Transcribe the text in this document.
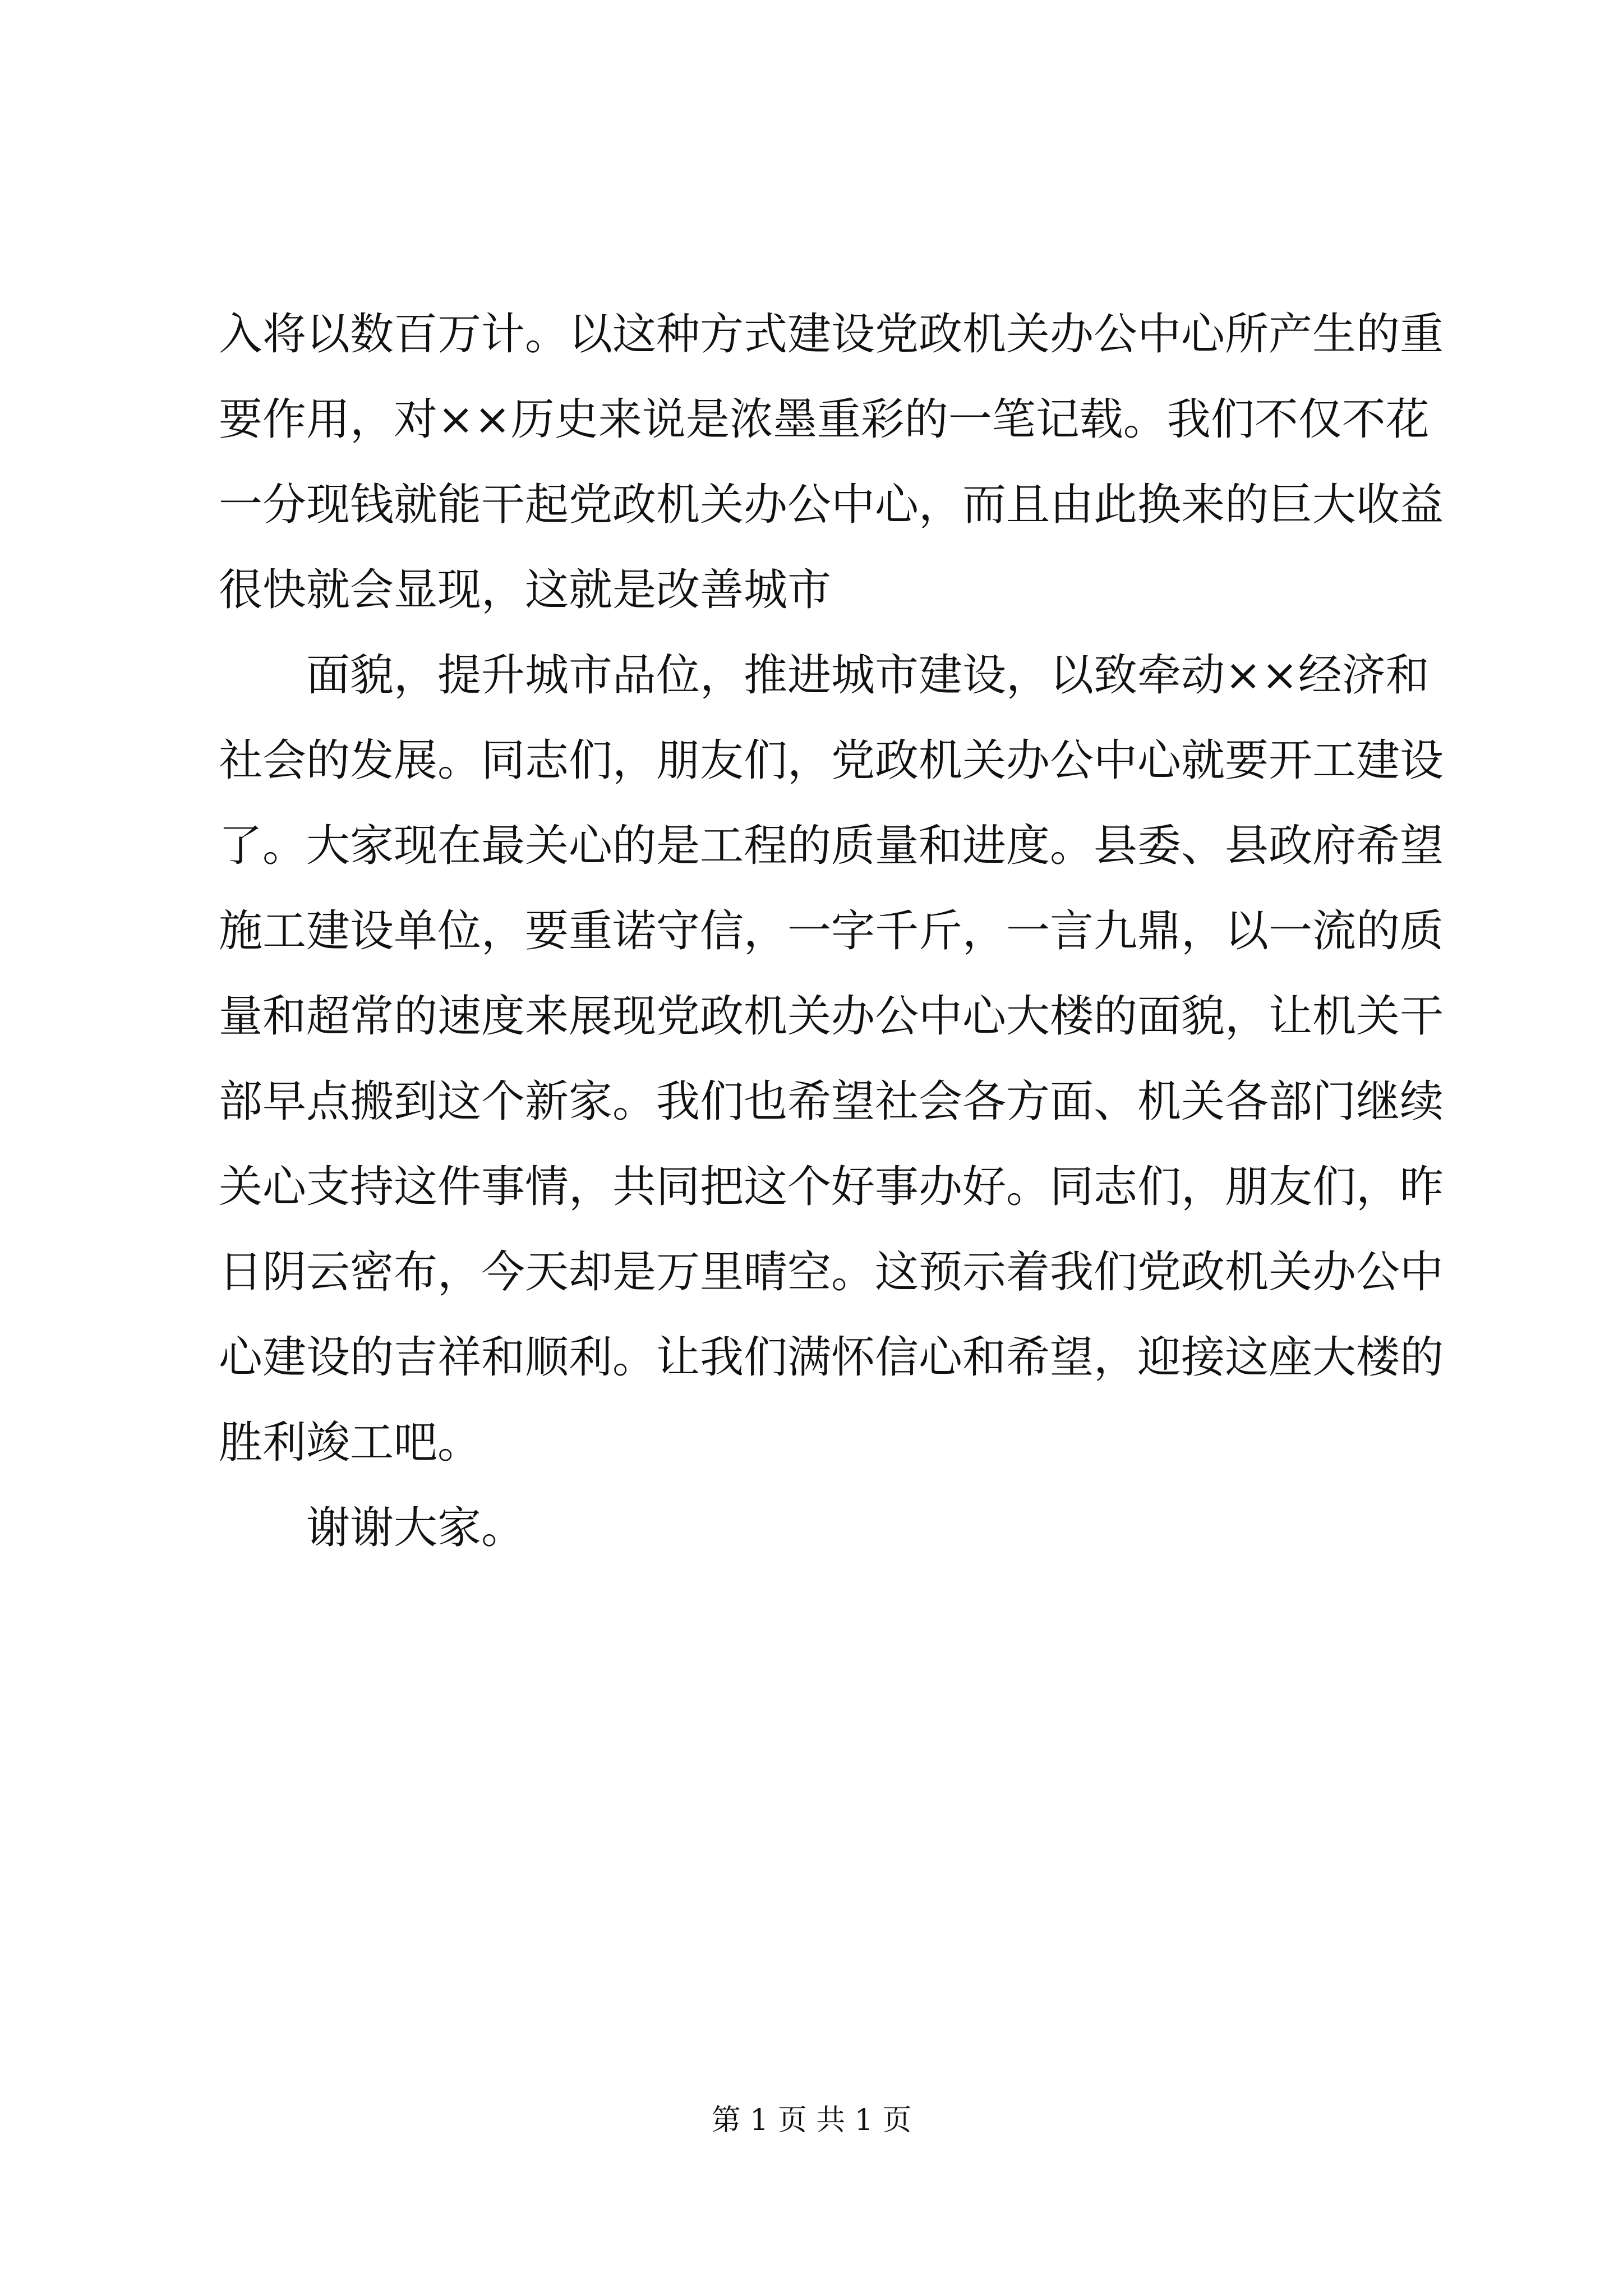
入将以数百万计。以这种方式建设党政机关办公中心所产生的重
要作用，对××历史来说是浓墨重彩的一笔记载。我们不仅不花
一分现钱就能干起党政机关办公中心，而且由此换来的巨大收益
很快就会显现，这就是改善城市
面貌，提升城市品位，推进城市建设，以致牵动××经济和
社会的发展。同志们，朋友们，党政机关办公中心就要开工建设
了。大家现在最关心的是工程的质量和进度。县委、县政府希望
施工建设单位，要重诺守信，一字千斤，一言九鼎，以一流的质
量和超常的速度来展现党政机关办公中心大楼的面貌，让机关干
部早点搬到这个新家。我们也希望社会各方面、机关各部门继续
关心支持这件事情，共同把这个好事办好。同志们，朋友们，昨
日阴云密布，今天却是万里晴空。这预示着我们党政机关办公中
心建设的吉祥和顺利。让我们满怀信心和希望，迎接这座大楼的
胜利竣工吧。
谢谢大家。
第 1 页 共 1 页
